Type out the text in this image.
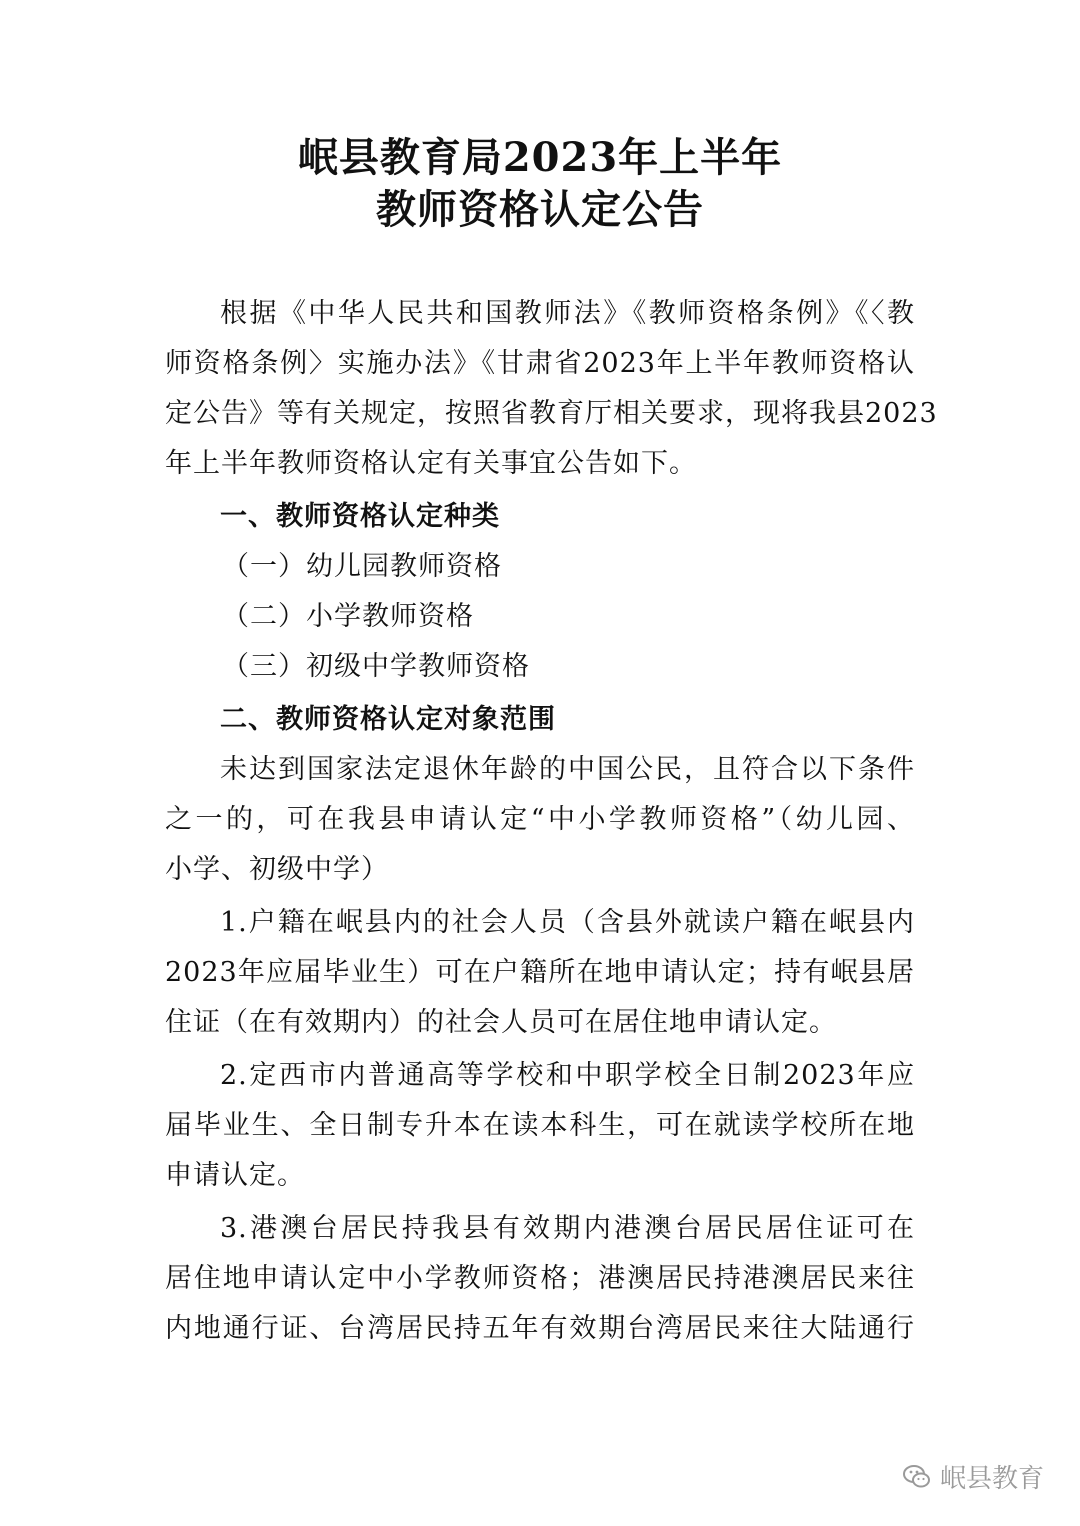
岷县教育局2023年上半年
教师资格认定公告
根据《中华人民共和国教师法》《教师资格条例》《〈教
师资格条例〉实施办法》《甘肃省2023年上半年教师资格认
定公告》等有关规定，按照省教育厅相关要求，现将我县2023
年上半年教师资格认定有关事宜公告如下。
一、教师资格认定种类
（一）幼儿园教师资格
（二）小学教师资格
（三）初级中学教师资格
二、教师资格认定对象范围
未达到国家法定退休年龄的中国公民，且符合以下条件
之一的，可在我县申请认定“中小学教师资格”（幼儿园、
小学、初级中学）
1.户籍在岷县内的社会人员（含县外就读户籍在岷县内
2023年应届毕业生）可在户籍所在地申请认定；持有岷县居
住证（在有效期内）的社会人员可在居住地申请认定。
2.定西市内普通高等学校和中职学校全日制2023年应
届毕业生、全日制专升本在读本科生，可在就读学校所在地
申请认定。
3.港澳台居民持我县有效期内港澳台居民居住证可在
居住地申请认定中小学教师资格；港澳居民持港澳居民来往
内地通行证、台湾居民持五年有效期台湾居民来往大陆通行
岷县教育
